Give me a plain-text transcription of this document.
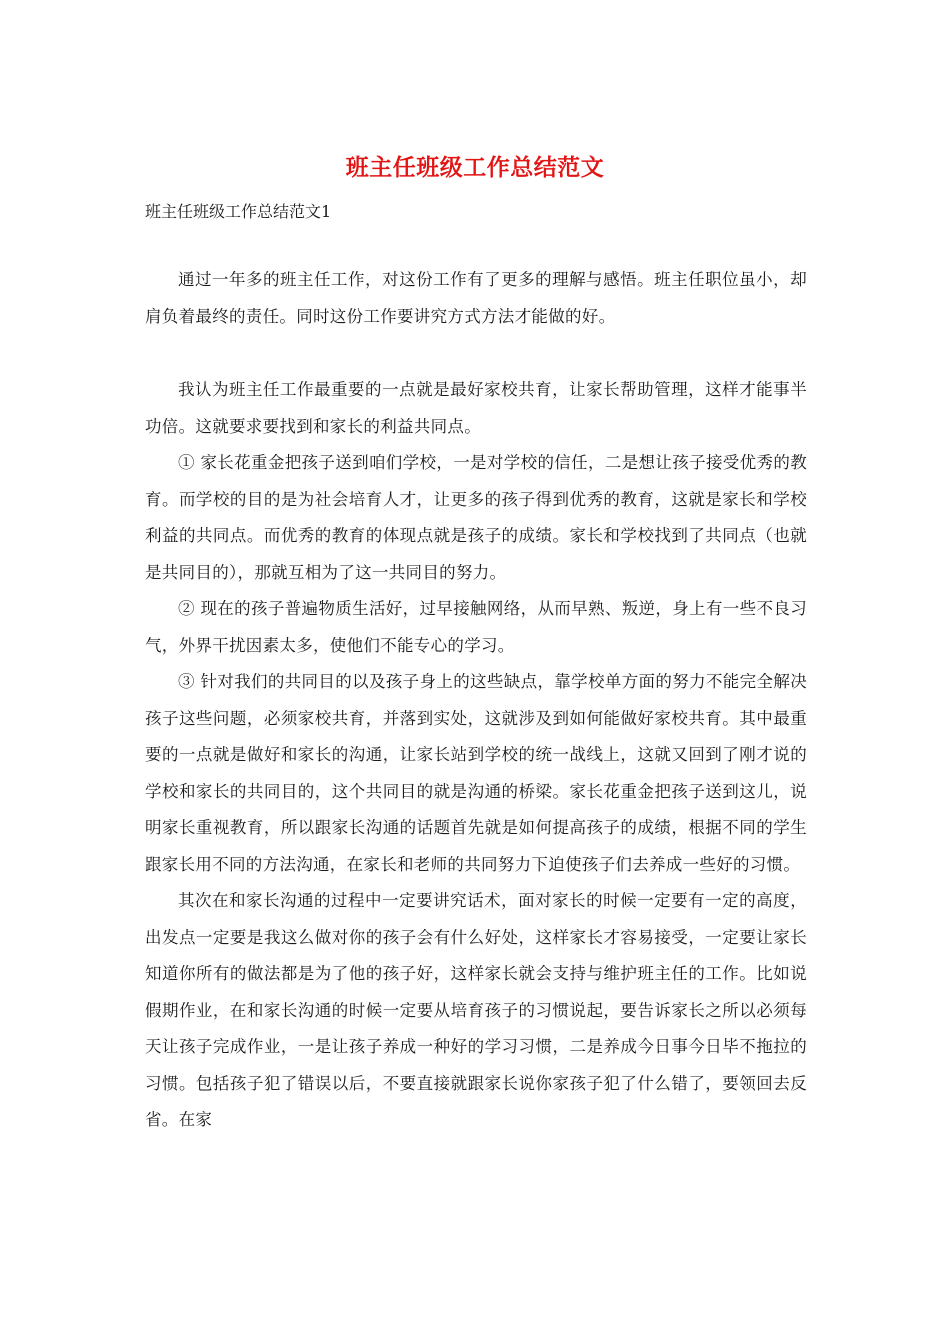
班主任班级工作总结范文
班主任班级工作总结范文1

通过一年多的班主任工作，对这份工作有了更多的理解与感悟。班主任职位虽小，却肩负着最终的责任。同时这份工作要讲究方式方法才能做的好。

我认为班主任工作最重要的一点就是最好家校共育，让家长帮助管理，这样才能事半功倍。这就要求要找到和家长的利益共同点。

① 家长花重金把孩子送到咱们学校，一是对学校的信任，二是想让孩子接受优秀的教育。而学校的目的是为社会培育人才，让更多的孩子得到优秀的教育，这就是家长和学校利益的共同点。而优秀的教育的体现点就是孩子的成绩。家长和学校找到了共同点（也就是共同目的），那就互相为了这一共同目的努力。

② 现在的孩子普遍物质生活好，过早接触网络，从而早熟、叛逆，身上有一些不良习气，外界干扰因素太多，使他们不能专心的学习。

③ 针对我们的共同目的以及孩子身上的这些缺点，靠学校单方面的努力不能完全解决孩子这些问题，必须家校共育，并落到实处，这就涉及到如何能做好家校共育。其中最重要的一点就是做好和家长的沟通，让家长站到学校的统一战线上，这就又回到了刚才说的学校和家长的共同目的，这个共同目的就是沟通的桥梁。家长花重金把孩子送到这儿，说明家长重视教育，所以跟家长沟通的话题首先就是如何提高孩子的成绩，根据不同的学生跟家长用不同的方法沟通，在家长和老师的共同努力下迫使孩子们去养成一些好的习惯。

其次在和家长沟通的过程中一定要讲究话术，面对家长的时候一定要有一定的高度，出发点一定要是我这么做对你的孩子会有什么好处，这样家长才容易接受，一定要让家长知道你所有的做法都是为了他的孩子好，这样家长就会支持与维护班主任的工作。比如说假期作业，在和家长沟通的时候一定要从培育孩子的习惯说起，要告诉家长之所以必须每天让孩子完成作业，一是让孩子养成一种好的学习习惯，二是养成今日事今日毕不拖拉的习惯。包括孩子犯了错误以后，不要直接就跟家长说你家孩子犯了什么错了，要领回去反省。在家
